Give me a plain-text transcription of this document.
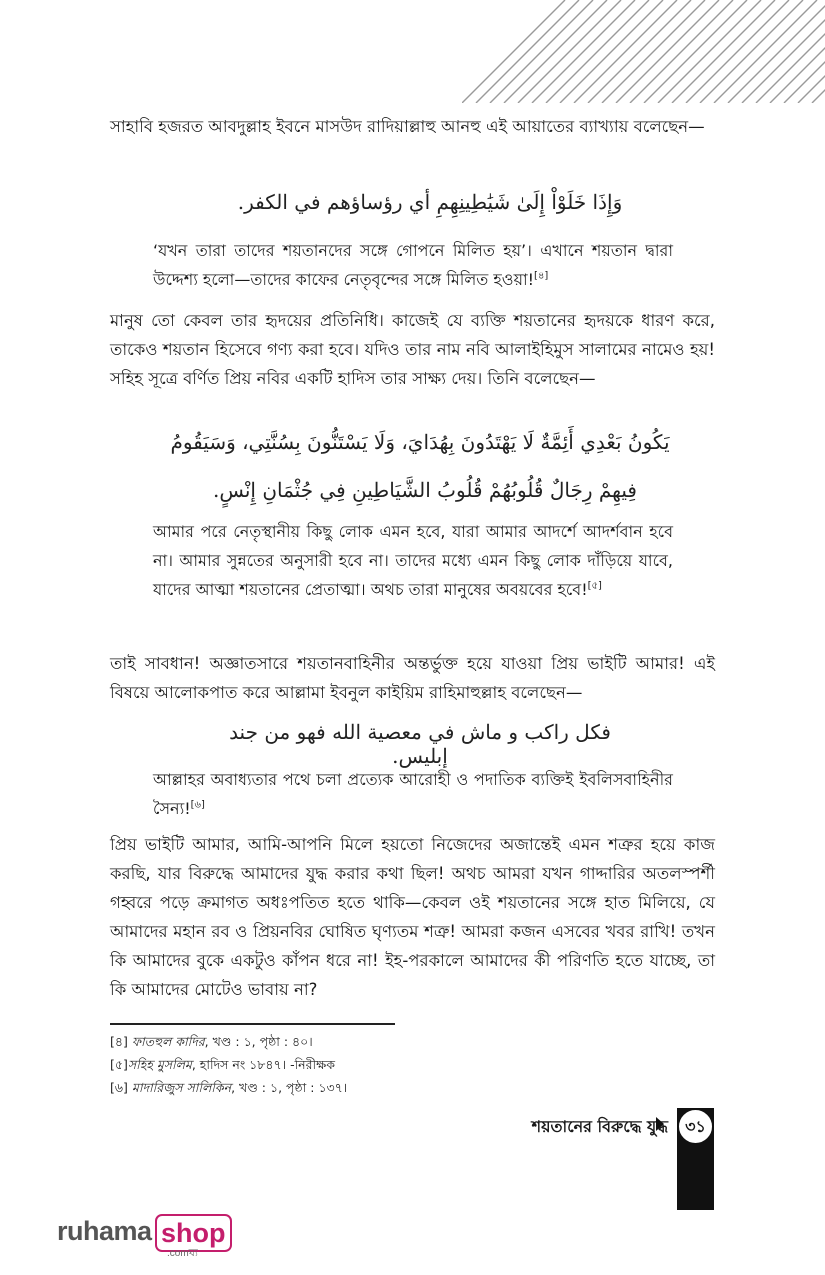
সাহাবি হজরত আবদুল্লাহ ইবনে মাসউদ রাদিয়াল্লাহু আনহু এই আয়াতের ব্যাখ্যায় বলেছেন—
وَإِذَا خَلَوْاْ إِلَىٰ شَيَٰطِينِهِمِ أي رؤساؤهم في الكفر.
‘যখন তারা তাদের শয়তানদের সঙ্গে গোপনে মিলিত হয়’। এখানে শয়তান দ্বারা উদ্দেশ্য হলো—তাদের কাফের নেতৃবৃন্দের সঙ্গে মিলিত হওয়া![৪]
মানুষ তো কেবল তার হৃদয়ের প্রতিনিধি। কাজেই যে ব্যক্তি শয়তানের হৃদয়কে ধারণ করে, তাকেও শয়তান হিসেবে গণ্য করা হবে। যদিও তার নাম নবি আলাইহিমুস সালামের নামেও হয়! সহিহ সূত্রে বর্ণিত প্রিয় নবির একটি হাদিস তার সাক্ষ্য দেয়। তিনি বলেছেন—
يَكُونُ بَعْدِي أَئِمَّةٌ لَا يَهْتَدُونَ بِهُدَايَ، وَلَا يَسْتَنُّونَ بِسُنَّتِي، وَسَيَقُومُ
فِيهِمْ رِجَالٌ قُلُوبُهُمْ قُلُوبُ الشَّيَاطِينِ فِي جُثْمَانِ إِنْسٍ.
আমার পরে নেতৃস্থানীয় কিছু লোক এমন হবে, যারা আমার আদর্শে আদর্শবান হবে না। আমার সুন্নতের অনুসারী হবে না। তাদের মধ্যে এমন কিছু লোক দাঁড়িয়ে যাবে, যাদের আত্মা শয়তানের প্রেতাত্মা। অথচ তারা মানুষের অবয়বের হবে![৫]
তাই সাবধান! অজ্ঞাতসারে শয়তানবাহিনীর অন্তর্ভুক্ত হয়ে যাওয়া প্রিয় ভাইটি আমার! এই বিষয়ে আলোকপাত করে আল্লামা ইবনুল কাইয়িম রাহিমাহুল্লাহ বলেছেন—
فكل راكب و ماش في معصية الله فهو من جند إبليس.
আল্লাহর অবাধ্যতার পথে চলা প্রত্যেক আরোহী ও পদাতিক ব্যক্তিই ইবলিসবাহিনীর সৈন্য![৬]
প্রিয় ভাইটি আমার, আমি-আপনি মিলে হয়তো নিজেদের অজান্তেই এমন শত্রুর হয়ে কাজ করছি, যার বিরুদ্ধে আমাদের যুদ্ধ করার কথা ছিল! অথচ আমরা যখন গাদ্দারির অতলস্পর্শী গহ্বরে পড়ে ক্রমাগত অধঃপতিত হতে থাকি—কেবল ওই শয়তানের সঙ্গে হাত মিলিয়ে, যে আমাদের মহান রব ও প্রিয়নবির ঘোষিত ঘৃণ্যতম শত্রু! আমরা কজন এসবের খবর রাখি! তখন কি আমাদের বুকে একটুও কাঁপন ধরে না! ইহ-পরকালে আমাদের কী পরিণতি হতে যাচ্ছে, তা কি আমাদের মোটেও ভাবায় না?
[৪] ফাতহুল কাদির, খণ্ড : ১, পৃষ্ঠা : ৪০।
[৫]সহিহ মুসলিম, হাদিস নং ১৮৪৭। -নিরীক্ষক
[৬] মাদারিজুস সালিকিন, খণ্ড : ১, পৃষ্ঠা : ১৩৭।
শয়তানের বিরুদ্ধে যুদ্ধ	৩১
ruhama shop
.comঘ্য
